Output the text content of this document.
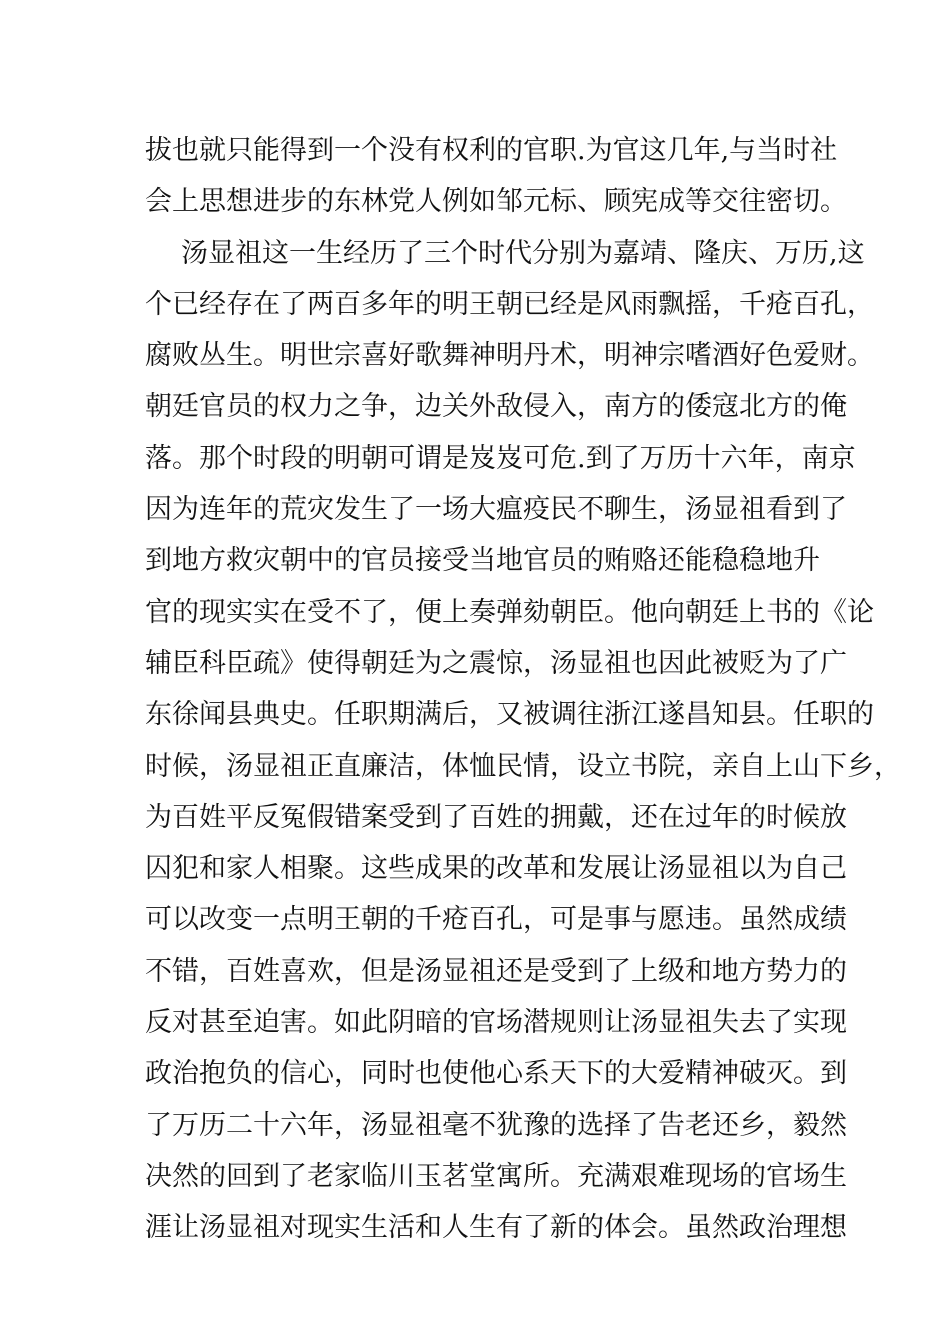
拔也就只能得到一个没有权利的官职.为官这几年,与当时社
会上思想进步的东林党人例如邹元标、顾宪成等交往密切。
汤显祖这一生经历了三个时代分别为嘉靖、隆庆、万历,这
个已经存在了两百多年的明王朝已经是风雨飘摇，千疮百孔，
腐败丛生。明世宗喜好歌舞神明丹术，明神宗嗜酒好色爱财。
朝廷官员的权力之争，边关外敌侵入，南方的倭寇北方的俺
落。那个时段的明朝可谓是岌岌可危.到了万历十六年，南京
因为连年的荒灾发生了一场大瘟疫民不聊生，汤显祖看到了
到地方救灾朝中的官员接受当地官员的贿赂还能稳稳地升
官的现实实在受不了，便上奏弹劾朝臣。他向朝廷上书的《论
辅臣科臣疏》使得朝廷为之震惊，汤显祖也因此被贬为了广
东徐闻县典史。任职期满后，又被调往浙江遂昌知县。任职的
时候，汤显祖正直廉洁，体恤民情，设立书院，亲自上山下乡，
为百姓平反冤假错案受到了百姓的拥戴，还在过年的时候放
囚犯和家人相聚。这些成果的改革和发展让汤显祖以为自己
可以改变一点明王朝的千疮百孔，可是事与愿违。虽然成绩
不错，百姓喜欢，但是汤显祖还是受到了上级和地方势力的
反对甚至迫害。如此阴暗的官场潜规则让汤显祖失去了实现
政治抱负的信心，同时也使他心系天下的大爱精神破灭。到
了万历二十六年，汤显祖毫不犹豫的选择了告老还乡，毅然
决然的回到了老家临川玉茗堂寓所。充满艰难现场的官场生
涯让汤显祖对现实生活和人生有了新的体会。虽然政治理想
